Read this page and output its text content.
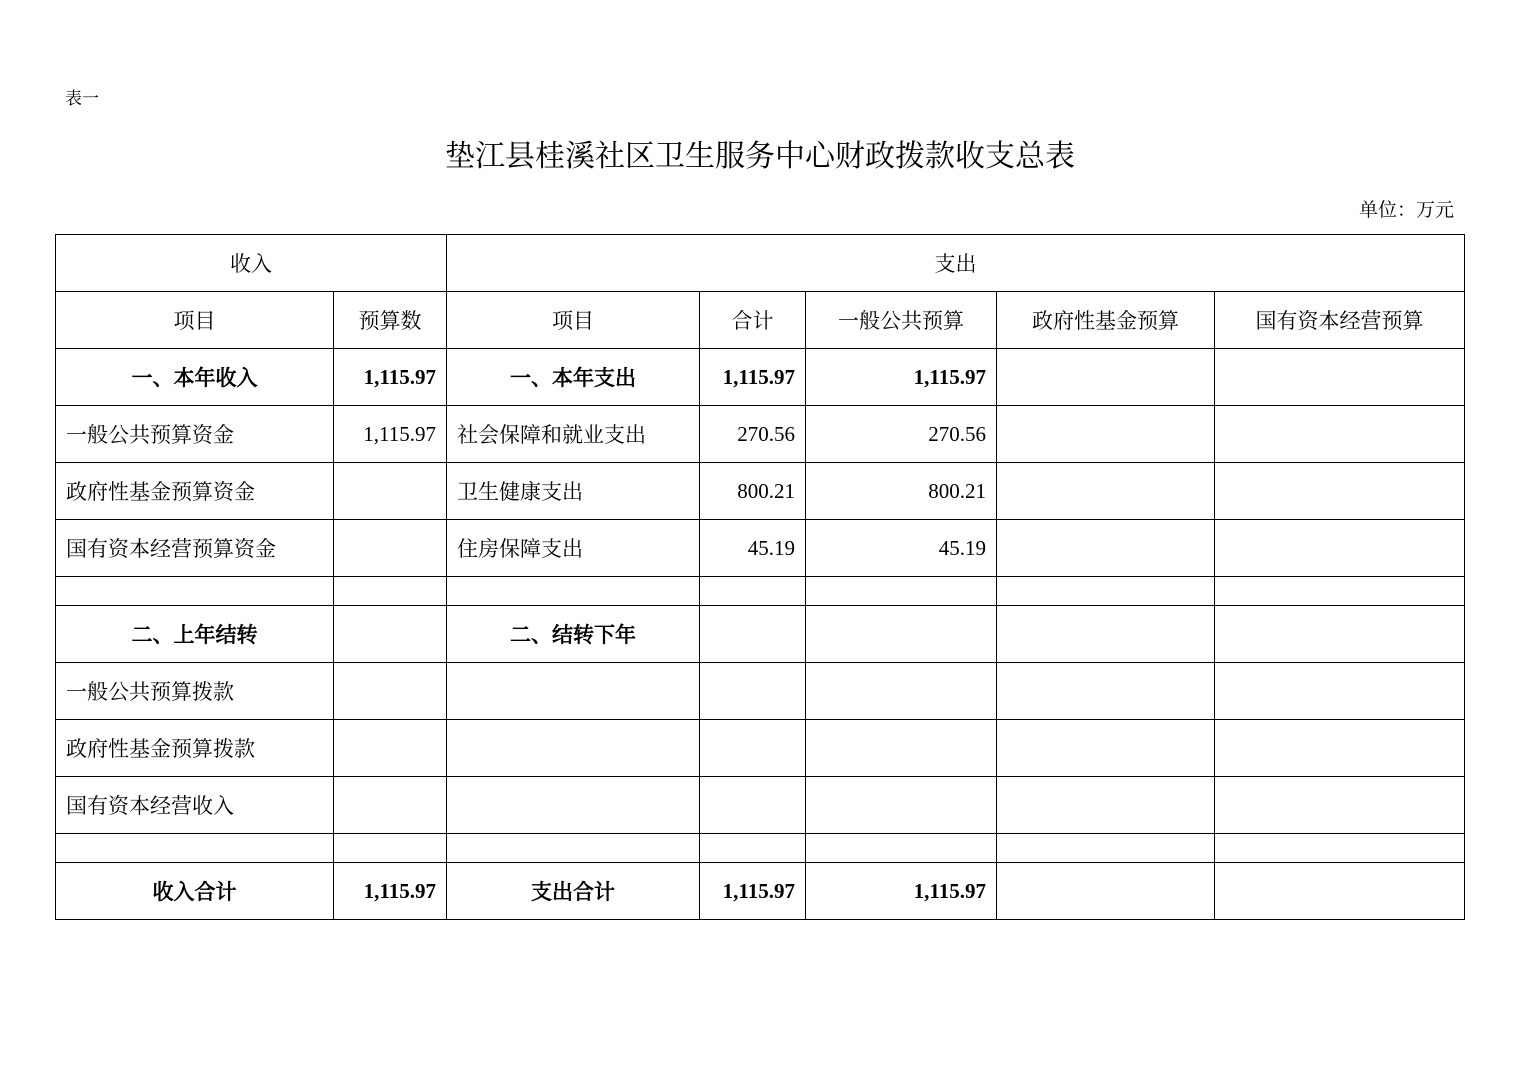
表一
垫江县桂溪社区卫生服务中心财政拨款收支总表
单位：万元
收入		支出				
项目	预算数	项目	合计	一般公共预算	政府性基金预算	国有资本经营预算
一、本年收入	1,115.97	一、本年支出	1,115.97	1,115.97		
一般公共预算资金	1,115.97	社会保障和就业支出	270.56	270.56		
政府性基金预算资金		卫生健康支出	800.21	800.21		
国有资本经营预算资金		住房保障支出	45.19	45.19		

二、上年结转		二、结转下年				
一般公共预算拨款						
政府性基金预算拨款						
国有资本经营收入						

收入合计	1,115.97	支出合计	1,115.97	1,115.97		
